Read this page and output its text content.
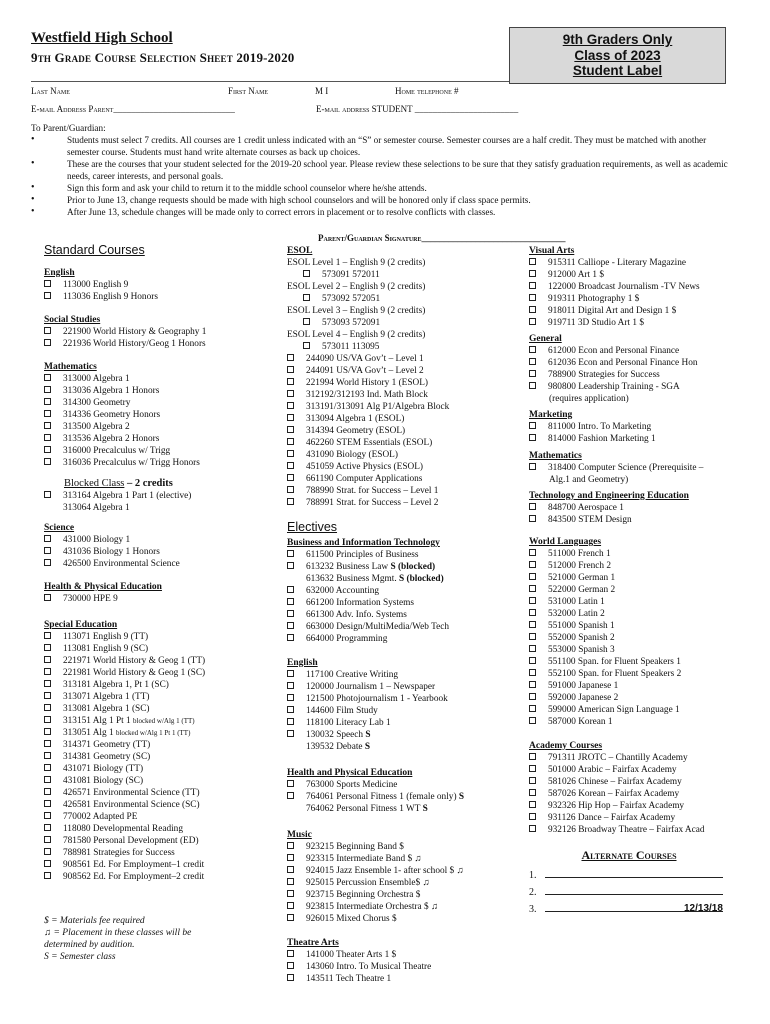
Westfield High School
9th Grade Course Selection Sheet 2019-2020
9th Graders Only
Class of 2023
Student Label
Last Name	First Name	M I	Home telephone #
E-mail Address Parent___________________________	E-mail address STUDENT _______________________
To Parent/Guardian:
• Students must select 7 credits. All courses are 1 credit unless indicated with an “S” or semester course. Semester courses are a half credit. They must be matched with another semester course. Students must hand write alternate courses as back up choices.
• These are the courses that your student selected for the 2019-20 school year. Please review these selections to be sure that they satisfy graduation requirements, as well as academic needs, career interests, and personal goals.
• Sign this form and ask your child to return it to the middle school counselor where he/she attends.
• Prior to June 13, change requests should be made with high school counselors and will be honored only if class space permits.
• After June 13, schedule changes will be made only to correct errors in placement or to resolve conflicts with classes.
Parent/Guardian Signature________________________________
Standard Courses
English
113000 English 9
113036 English 9 Honors
Social Studies
221900 World History & Geography 1
221936 World History/Geog 1 Honors
Mathematics
313000 Algebra 1
313036 Algebra 1 Honors
314300 Geometry
314336 Geometry Honors
313500 Algebra 2
313536 Algebra 2 Honors
316000 Precalculus w/ Trigg
316036 Precalculus w/ Trigg Honors
Blocked Class – 2 credits
313164 Algebra 1 Part 1 (elective)
313064 Algebra 1
Science
431000 Biology 1
431036 Biology 1 Honors
426500 Environmental Science
Health & Physical Education
730000 HPE 9
Special Education
113071 English 9 (TT)
113081 English 9 (SC)
221971 World History & Geog 1 (TT)
221981 World History & Geog 1 (SC)
313181 Algebra 1, Pt 1 (SC)
313071 Algebra 1 (TT)
313081 Algebra 1 (SC)
313151 Alg 1 Pt 1 blocked w/Alg 1 (TT)
313051 Alg 1 blocked w/Alg 1 Pt 1 (TT)
314371 Geometry (TT)
314381 Geometry (SC)
431071 Biology (TT)
431081 Biology (SC)
426571 Environmental Science (TT)
426581 Environmental Science (SC)
770002 Adapted PE
118080 Developmental Reading
781580 Personal Development (ED)
788981 Strategies for Success
908561 Ed. For Employment–1 credit
908562 Ed. For Employment–2 credit
$ = Materials fee required
♫ = Placement in these classes will be determined by audition.
S = Semester class
ESOL
ESOL Level 1 – English 9 (2 credits)
573091 572011
ESOL Level 2 – English 9 (2 credits)
573092 572051
ESOL Level 3 – English 9 (2 credits)
573093 572091
ESOL Level 4 – English 9 (2 credits)
573011 113095
244090 US/VA Gov’t – Level 1
244091 US/VA Gov’t – Level 2
221994 World History 1 (ESOL)
312192/312193 Ind. Math Block
313191/313091 Alg P1/Algebra Block
313094 Algebra 1 (ESOL)
314394 Geometry (ESOL)
462260 STEM Essentials (ESOL)
431090 Biology (ESOL)
451059 Active Physics (ESOL)
661190 Computer Applications
788990 Strat. for Success – Level 1
788991 Strat. for Success – Level 2
Electives
Business and Information Technology
611500 Principles of Business
613232 Business Law S (blocked)
613632 Business Mgmt. S (blocked)
632000 Accounting
661200 Information Systems
661300 Adv. Info. Systems
663000 Design/MultiMedia/Web Tech
664000 Programming
English
117100 Creative Writing
120000 Journalism 1 – Newspaper
121500 Photojournalism 1 - Yearbook
144600 Film Study
118100 Literacy Lab 1
130032 Speech S
139532 Debate S
Health and Physical Education
763000 Sports Medicine
764061 Personal Fitness 1 (female only) S
764062 Personal Fitness 1 WT S
Music
923215 Beginning Band $
923315 Intermediate Band $ ♫
924015 Jazz Ensemble 1- after school $ ♫
925015 Percussion Ensemble$ ♫
923715 Beginning Orchestra $
923815 Intermediate Orchestra $ ♫
926015 Mixed Chorus $
Theatre Arts
141000 Theater Arts 1 $
143060 Intro. To Musical Theatre
143511 Tech Theatre 1
Visual Arts
915311 Calliope - Literary Magazine
912000 Art 1 $
122000 Broadcast Journalism -TV News
919311 Photography 1 $
918011 Digital Art and Design 1 $
919711 3D Studio Art 1 $
General
612000 Econ and Personal Finance
612036 Econ and Personal Finance Hon
788900 Strategies for Success
980800 Leadership Training - SGA
(requires application)
Marketing
811000 Intro. To Marketing
814000 Fashion Marketing 1
Mathematics
318400 Computer Science (Prerequisite –
Alg.1 and Geometry)
Technology and Engineering Education
848700 Aerospace 1
843500 STEM Design
World Languages
511000 French 1
512000 French 2
521000 German 1
522000 German 2
531000 Latin 1
532000 Latin 2
551000 Spanish 1
552000 Spanish 2
553000 Spanish 3
551100 Span. for Fluent Speakers 1
552100 Span. for Fluent Speakers 2
591000 Japanese 1
592000 Japanese 2
599000 American Sign Language 1
587000 Korean 1
Academy Courses
791311 JROTC – Chantilly Academy
501000 Arabic – Fairfax Academy
581026 Chinese – Fairfax Academy
587026 Korean – Fairfax Academy
932326 Hip Hop – Fairfax Academy
931126 Dance – Fairfax Academy
932126 Broadway Theatre – Fairfax Acad
Alternate Courses
1.
2.
3.	12/13/18
